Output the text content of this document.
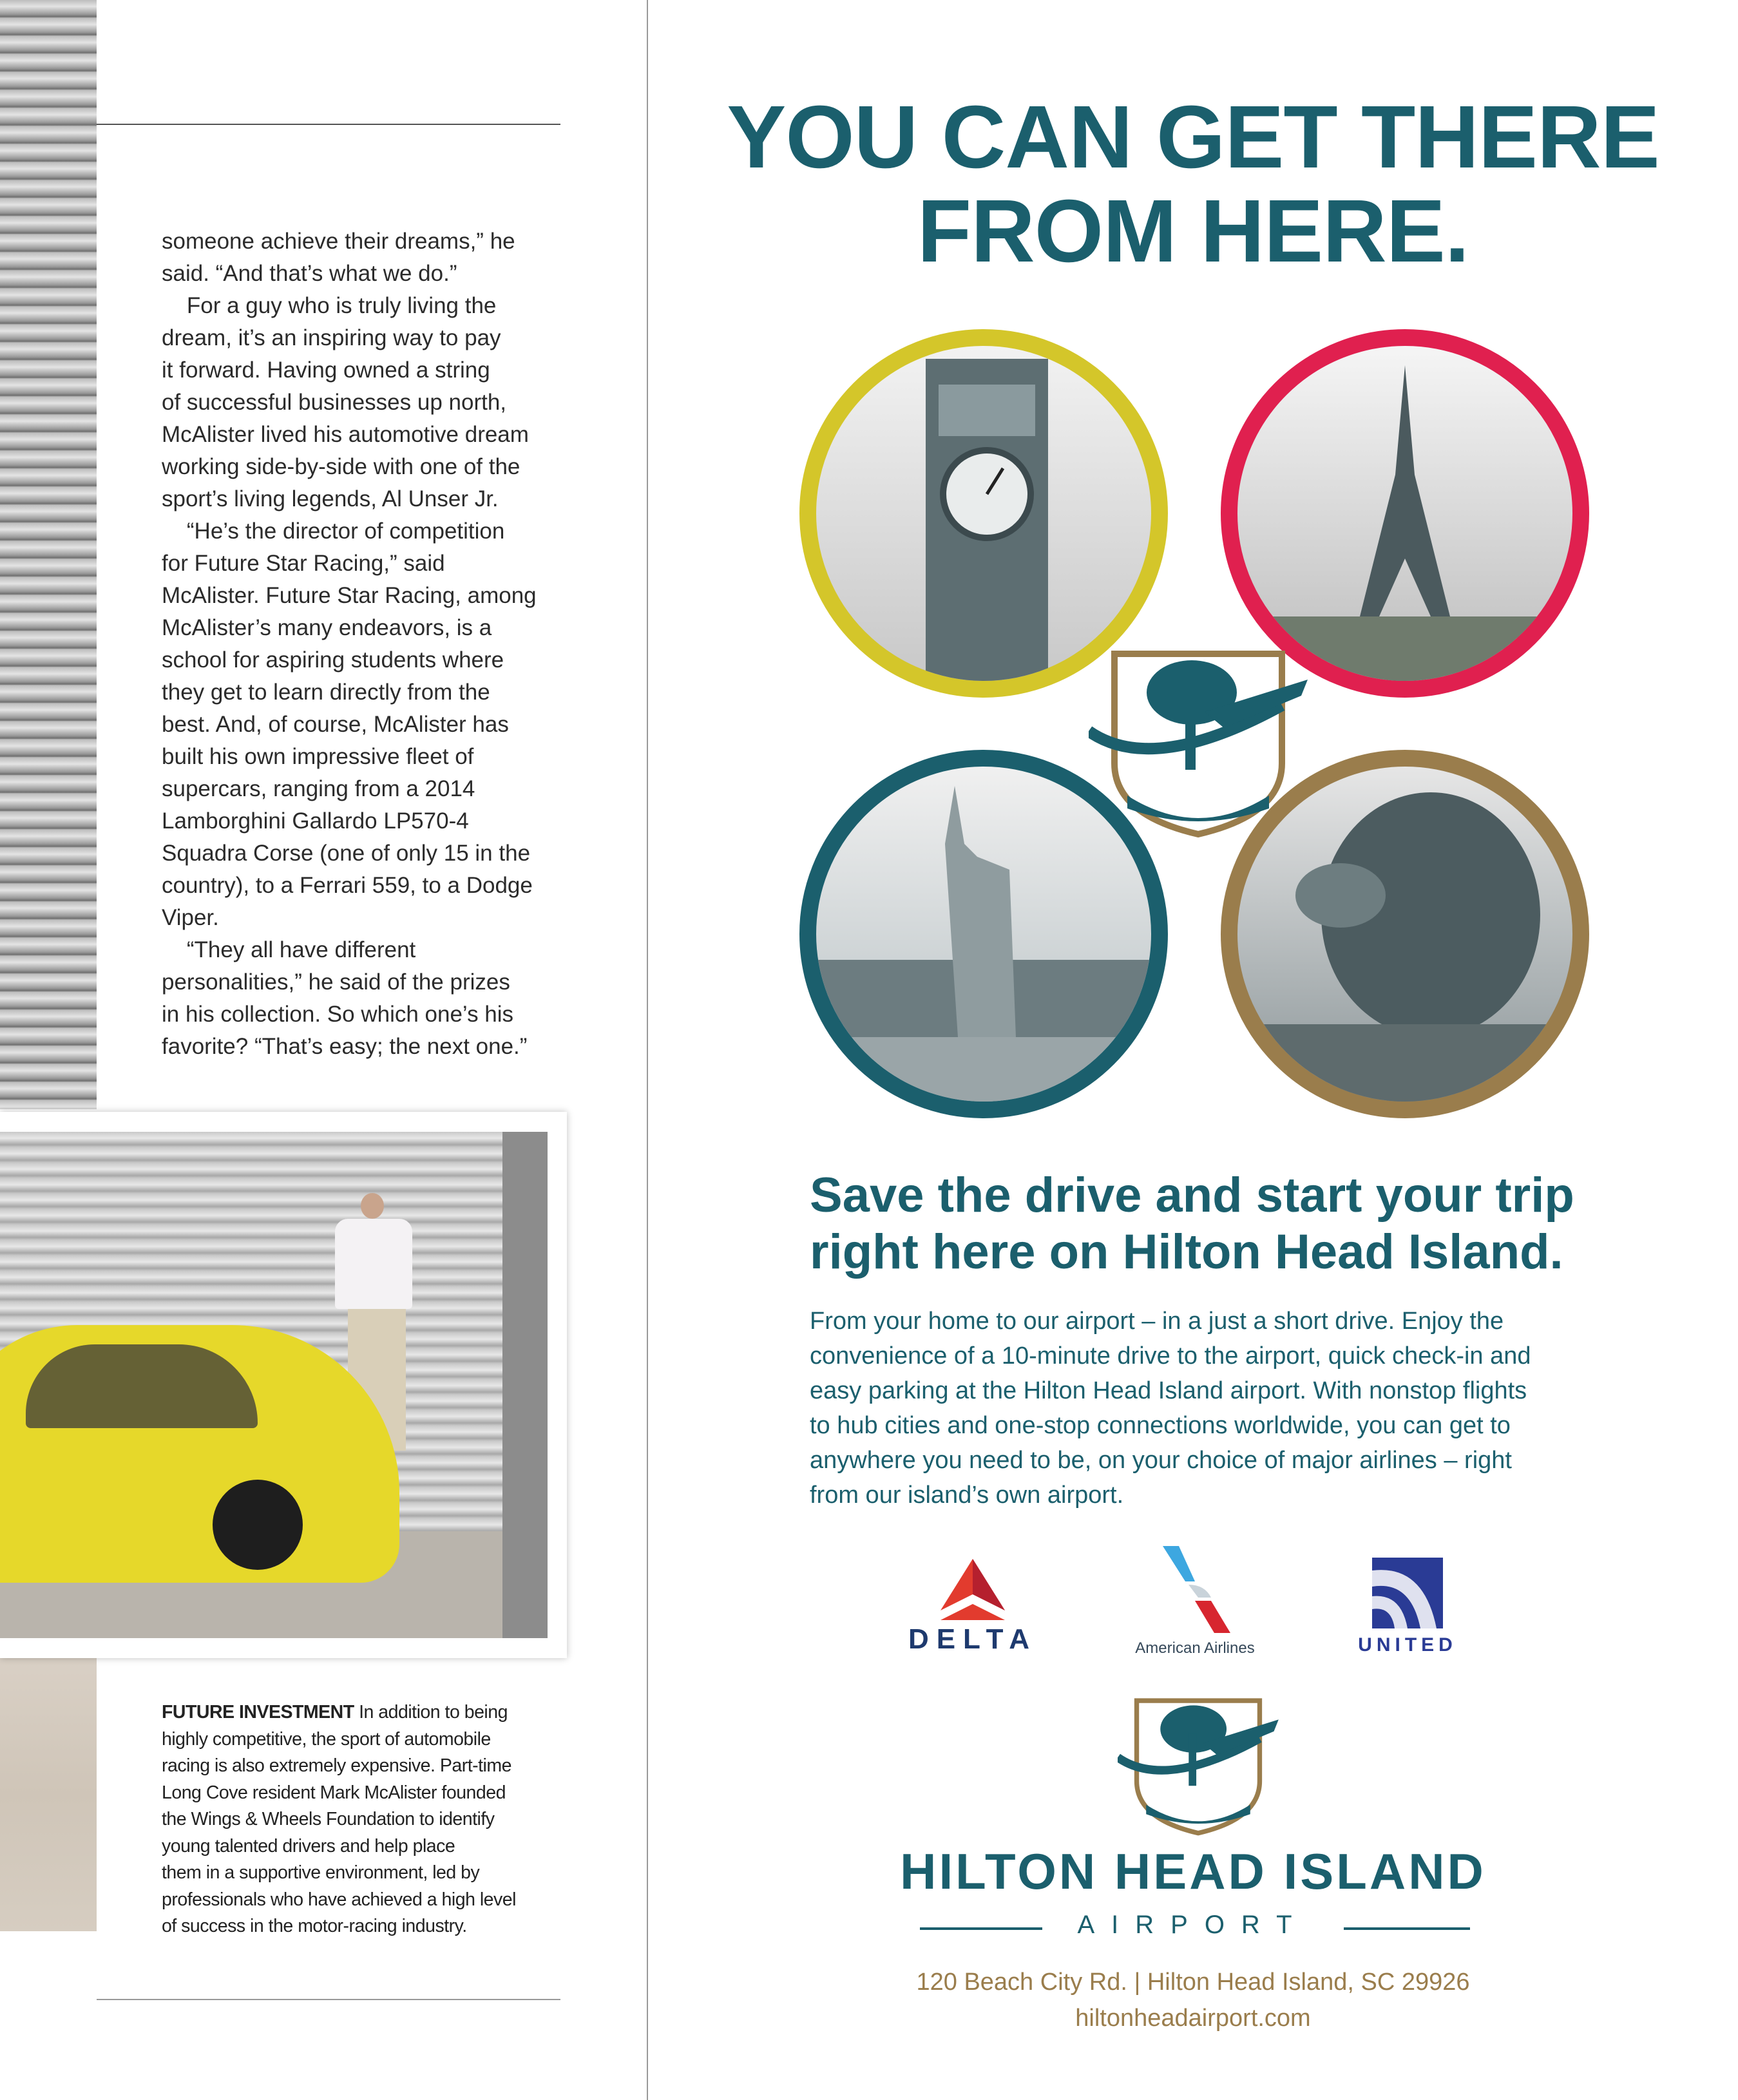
someone achieve their dreams,” he
said. “And that’s what we do.”
For a guy who is truly living the
dream, it’s an inspiring way to pay
it forward. Having owned a string
of successful businesses up north,
McAlister lived his automotive dream
working side-by-side with one of the
sport’s living legends, Al Unser Jr.
“He’s the director of competition
for Future Star Racing,” said
McAlister. Future Star Racing, among
McAlister’s many endeavors, is a
school for aspiring students where
they get to learn directly from the
best. And, of course, McAlister has
built his own impressive fleet of
supercars, ranging from a 2014
Lamborghini Gallardo LP570-4
Squadra Corse (one of only 15 in the
country), to a Ferrari 559, to a Dodge
Viper.
“They all have different
personalities,” he said of the prizes
in his collection. So which one’s his
favorite? “That’s easy; the next one.”
FUTURE INVESTMENT In addition to being
highly competitive, the sport of automobile
racing is also extremely expensive. Part-time
Long Cove resident Mark McAlister founded
the Wings & Wheels Foundation to identify
young talented drivers and help place
them in a supportive environment, led by
professionals who have achieved a high level
of success in the motor-racing industry.
YOU CAN GET THERE
FROM HERE.
Save the drive and start your trip
right here on Hilton Head Island.
From your home to our airport – in a just a short drive. Enjoy the
convenience of a 10-minute drive to the airport, quick check-in and
easy parking at the Hilton Head Island airport. With nonstop flights
to hub cities and one-stop connections worldwide, you can get to
anywhere you need to be, on your choice of major airlines – right
from our island’s own airport.
DELTA	American Airlines	UNITED
HILTON HEAD ISLAND
AIRPORT
120 Beach City Rd. | Hilton Head Island, SC 29926
hiltonheadairport.com
